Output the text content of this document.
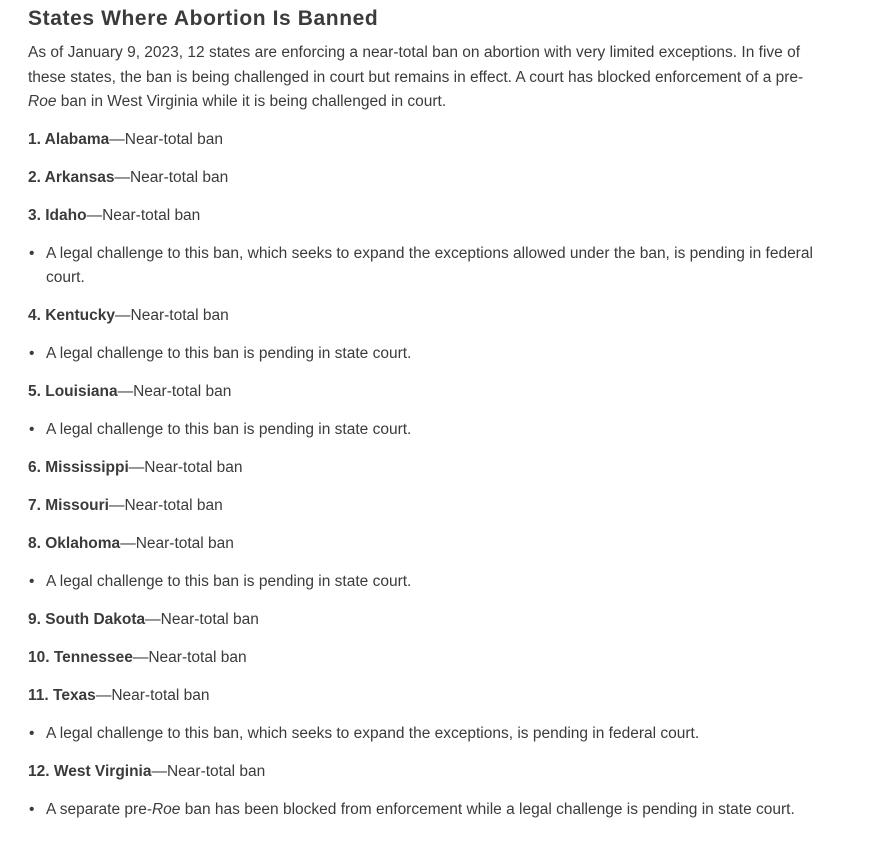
States Where Abortion Is Banned

As of January 9, 2023, 12 states are enforcing a near-total ban on abortion with very limited exceptions. In five of these states, the ban is being challenged in court but remains in effect. A court has blocked enforcement of a pre-Roe ban in West Virginia while it is being challenged in court.

1. Alabama—Near-total ban
2. Arkansas—Near-total ban
3. Idaho—Near-total ban
• A legal challenge to this ban, which seeks to expand the exceptions allowed under the ban, is pending in federal court.
4. Kentucky—Near-total ban
• A legal challenge to this ban is pending in state court.
5. Louisiana—Near-total ban
• A legal challenge to this ban is pending in state court.
6. Mississippi—Near-total ban
7. Missouri—Near-total ban
8. Oklahoma—Near-total ban
• A legal challenge to this ban is pending in state court.
9. South Dakota—Near-total ban
10. Tennessee—Near-total ban
11. Texas—Near-total ban
• A legal challenge to this ban, which seeks to expand the exceptions, is pending in federal court.
12. West Virginia—Near-total ban
• A separate pre-Roe ban has been blocked from enforcement while a legal challenge is pending in state court.
